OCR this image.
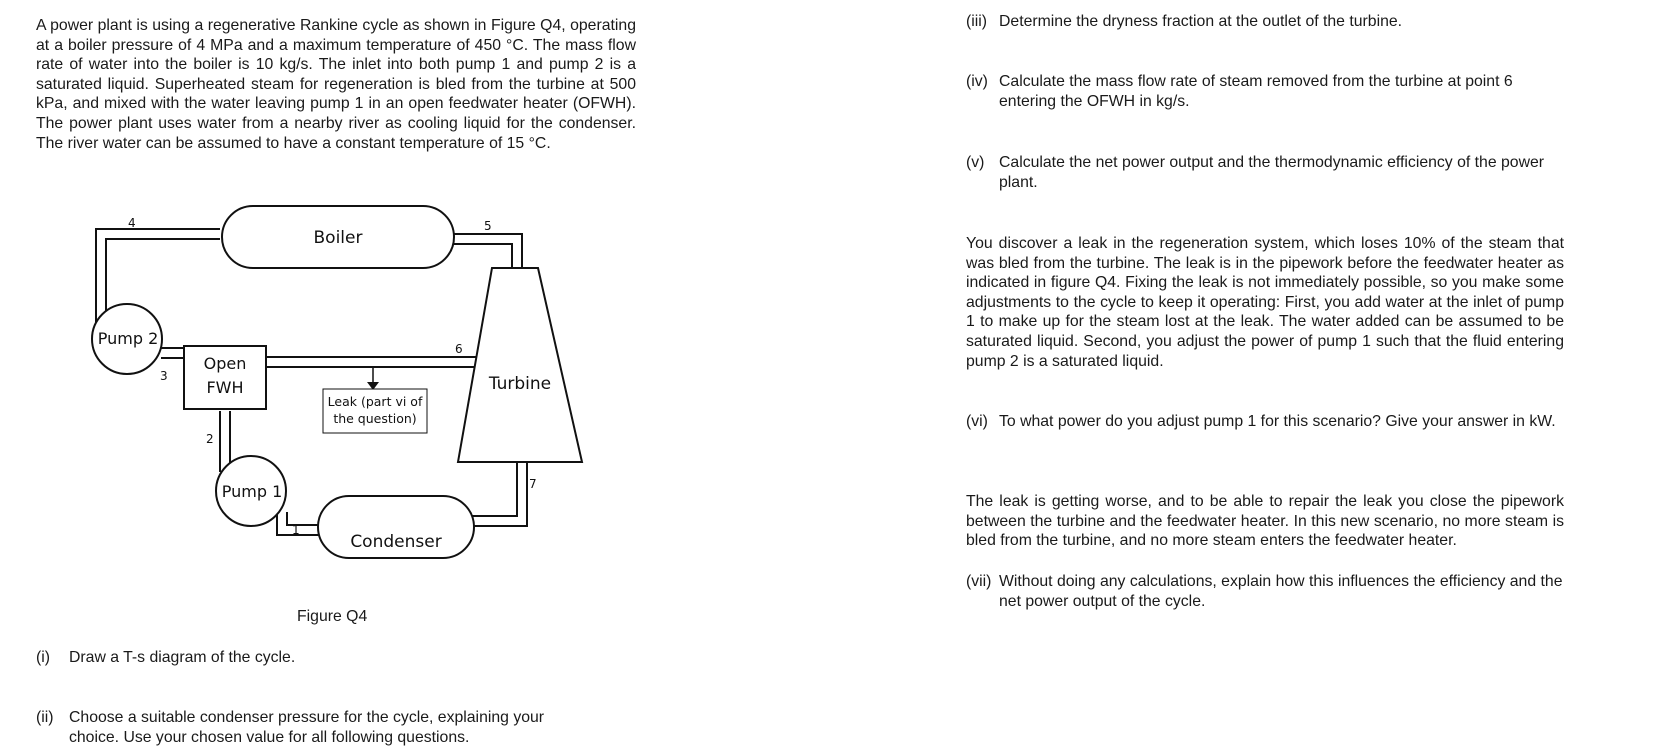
A power plant is using a regenerative Rankine cycle as shown in Figure Q4, operating at a boiler pressure of 4 MPa and a maximum temperature of 450 °C. The mass flow rate of water into the boiler is 10 kg/s. The inlet into both pump 1 and pump 2 is a saturated liquid. Superheated steam for regeneration is bled from the turbine at 500 kPa, and mixed with the water leaving pump 1 in an open feedwater heater (OFWH). The power plant uses water from a nearby river as cooling liquid for the condenser. The river water can be assumed to have a constant temperature of 15 °C.

Boiler
Turbine
Condenser
Pump 2
Pump 1
Open
FWH
Leak (part vi of
the question)
4	5
6
3
2
7
1
Figure Q4
(i)	Draw a T-s diagram of the cycle.
(ii) Choose a suitable condenser pressure for the cycle, explaining your choice. Use your chosen value for all following questions.
(iii) Determine the dryness fraction at the outlet of the turbine.
(iv) Calculate the mass flow rate of steam removed from the turbine at point 6 entering the OFWH in kg/s.
(v) Calculate the net power output and the thermodynamic efficiency of the power plant.

You discover a leak in the regeneration system, which loses 10% of the steam that was bled from the turbine. The leak is in the pipework before the feedwater heater as indicated in figure Q4. Fixing the leak is not immediately possible, so you make some adjustments to the cycle to keep it operating: First, you add water at the inlet of pump 1 to make up for the steam lost at the leak. The water added can be assumed to be saturated liquid. Second, you adjust the power of pump 1 such that the fluid entering pump 2 is a saturated liquid.

(vi) To what power do you adjust pump 1 for this scenario? Give your answer in kW.

The leak is getting worse, and to be able to repair the leak you close the pipework between the turbine and the feedwater heater. In this new scenario, no more steam is bled from the turbine, and no more steam enters the feedwater heater.

(vii) Without doing any calculations, explain how this influences the efficiency and the net power output of the cycle.
